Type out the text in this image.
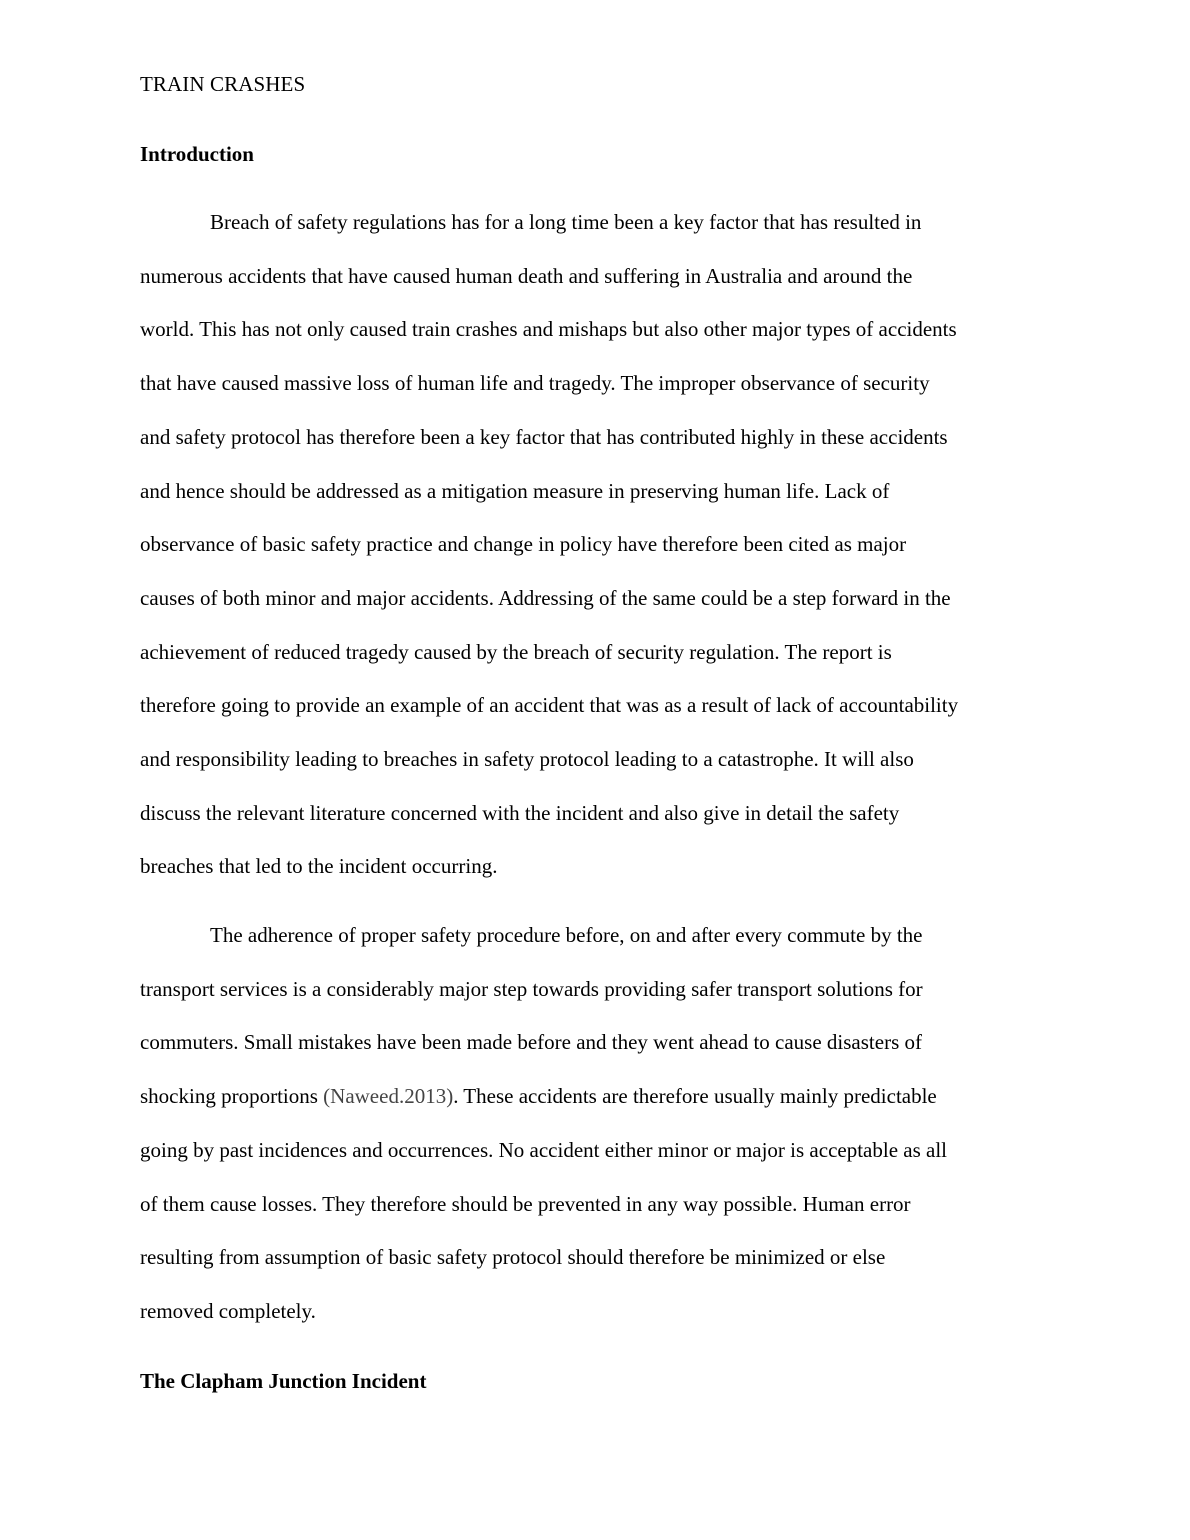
TRAIN CRASHES
Introduction
Breach of safety regulations has for a long time been a key factor that has resulted in
numerous accidents that have caused human death and suffering in Australia and around the
world. This has not only caused train crashes and mishaps but also other major types of accidents
that have caused massive loss of human life and tragedy. The improper observance of security
and safety protocol has therefore been a key factor that has contributed highly in these accidents
and hence should be addressed as a mitigation measure in preserving human life. Lack of
observance of basic safety practice and change in policy have therefore been cited as major
causes of both minor and major accidents. Addressing of the same could be a step forward in the
achievement of reduced tragedy caused by the breach of security regulation. The report is
therefore going to provide an example of an accident that was as a result of lack of accountability
and responsibility leading to breaches in safety protocol leading to a catastrophe. It will also
discuss the relevant literature concerned with the incident and also give in detail the safety
breaches that led to the incident occurring.
The adherence of proper safety procedure before, on and after every commute by the
transport services is a considerably major step towards providing safer transport solutions for
commuters. Small mistakes have been made before and they went ahead to cause disasters of
shocking proportions (Naweed.2013). These accidents are therefore usually mainly predictable
going by past incidences and occurrences. No accident either minor or major is acceptable as all
of them cause losses. They therefore should be prevented in any way possible. Human error
resulting from assumption of basic safety protocol should therefore be minimized or else
removed completely.
The Clapham Junction Incident
